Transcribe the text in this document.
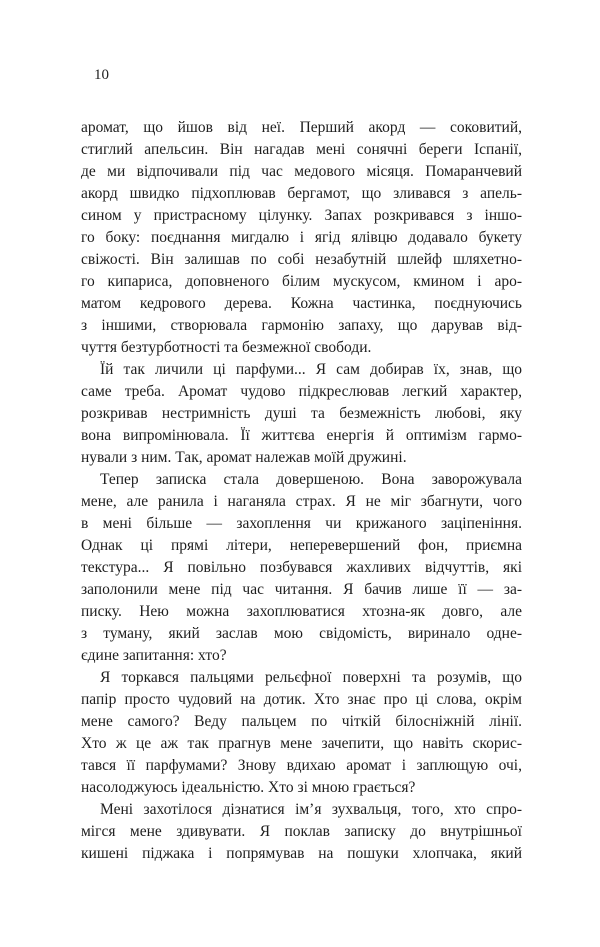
10
аромат, що йшов від неї. Перший акорд — соковитий,
стиглий апельсин. Він нагадав мені сонячні береги Іспанії,
де ми відпочивали під час медового місяця. Помаранчевий
акорд швидко підхоплював бергамот, що зливався з апель-
сином у пристрасному цілунку. Запах розкривався з іншо-
го боку: поєднання мигдалю і ягід ялівцю додавало букету
свіжості. Він залишав по собі незабутній шлейф шляхетно-
го кипариса, доповненого білим мускусом, кмином і аро-
матом кедрового дерева. Кожна частинка, поєднуючись
з іншими, створювала гармонію запаху, що дарував від-
чуття безтурботності та безмежної свободи.
Їй так личили ці парфуми... Я сам добирав їх, знав, що
саме треба. Аромат чудово підкреслював легкий характер,
розкривав нестримність душі та безмежність любові, яку
вона випромінювала. Її життєва енергія й оптимізм гармо-
нували з ним. Так, аромат належав моїй дружині.
Тепер записка стала довершеною. Вона заворожувала
мене, але ранила і наганяла страх. Я не міг збагнути, чого
в мені більше — захоплення чи крижаного заціпеніння.
Однак ці прямі літери, неперевершений фон, приємна
текстура... Я повільно позбувався жахливих відчуттів, які
заполонили мене під час читання. Я бачив лише її — за-
писку. Нею можна захоплюватися хтозна-як довго, але
з туману, який заслав мою свідомість, виринало одне-
єдине запитання: хто?
Я торкався пальцями рельєфної поверхні та розумів, що
папір просто чудовий на дотик. Хто знає про ці слова, окрім
мене самого? Веду пальцем по чіткій білосніжній лінії.
Хто ж це аж так прагнув мене зачепити, що навіть скорис-
тався її парфумами? Знову вдихаю аромат і заплющую очі,
насолоджуюсь ідеальністю. Хто зі мною грається?
Мені захотілося дізнатися ім’я зухвальця, того, хто спро-
мігся мене здивувати. Я поклав записку до внутрішньої
кишені піджака і попрямував на пошуки хлопчака, який
